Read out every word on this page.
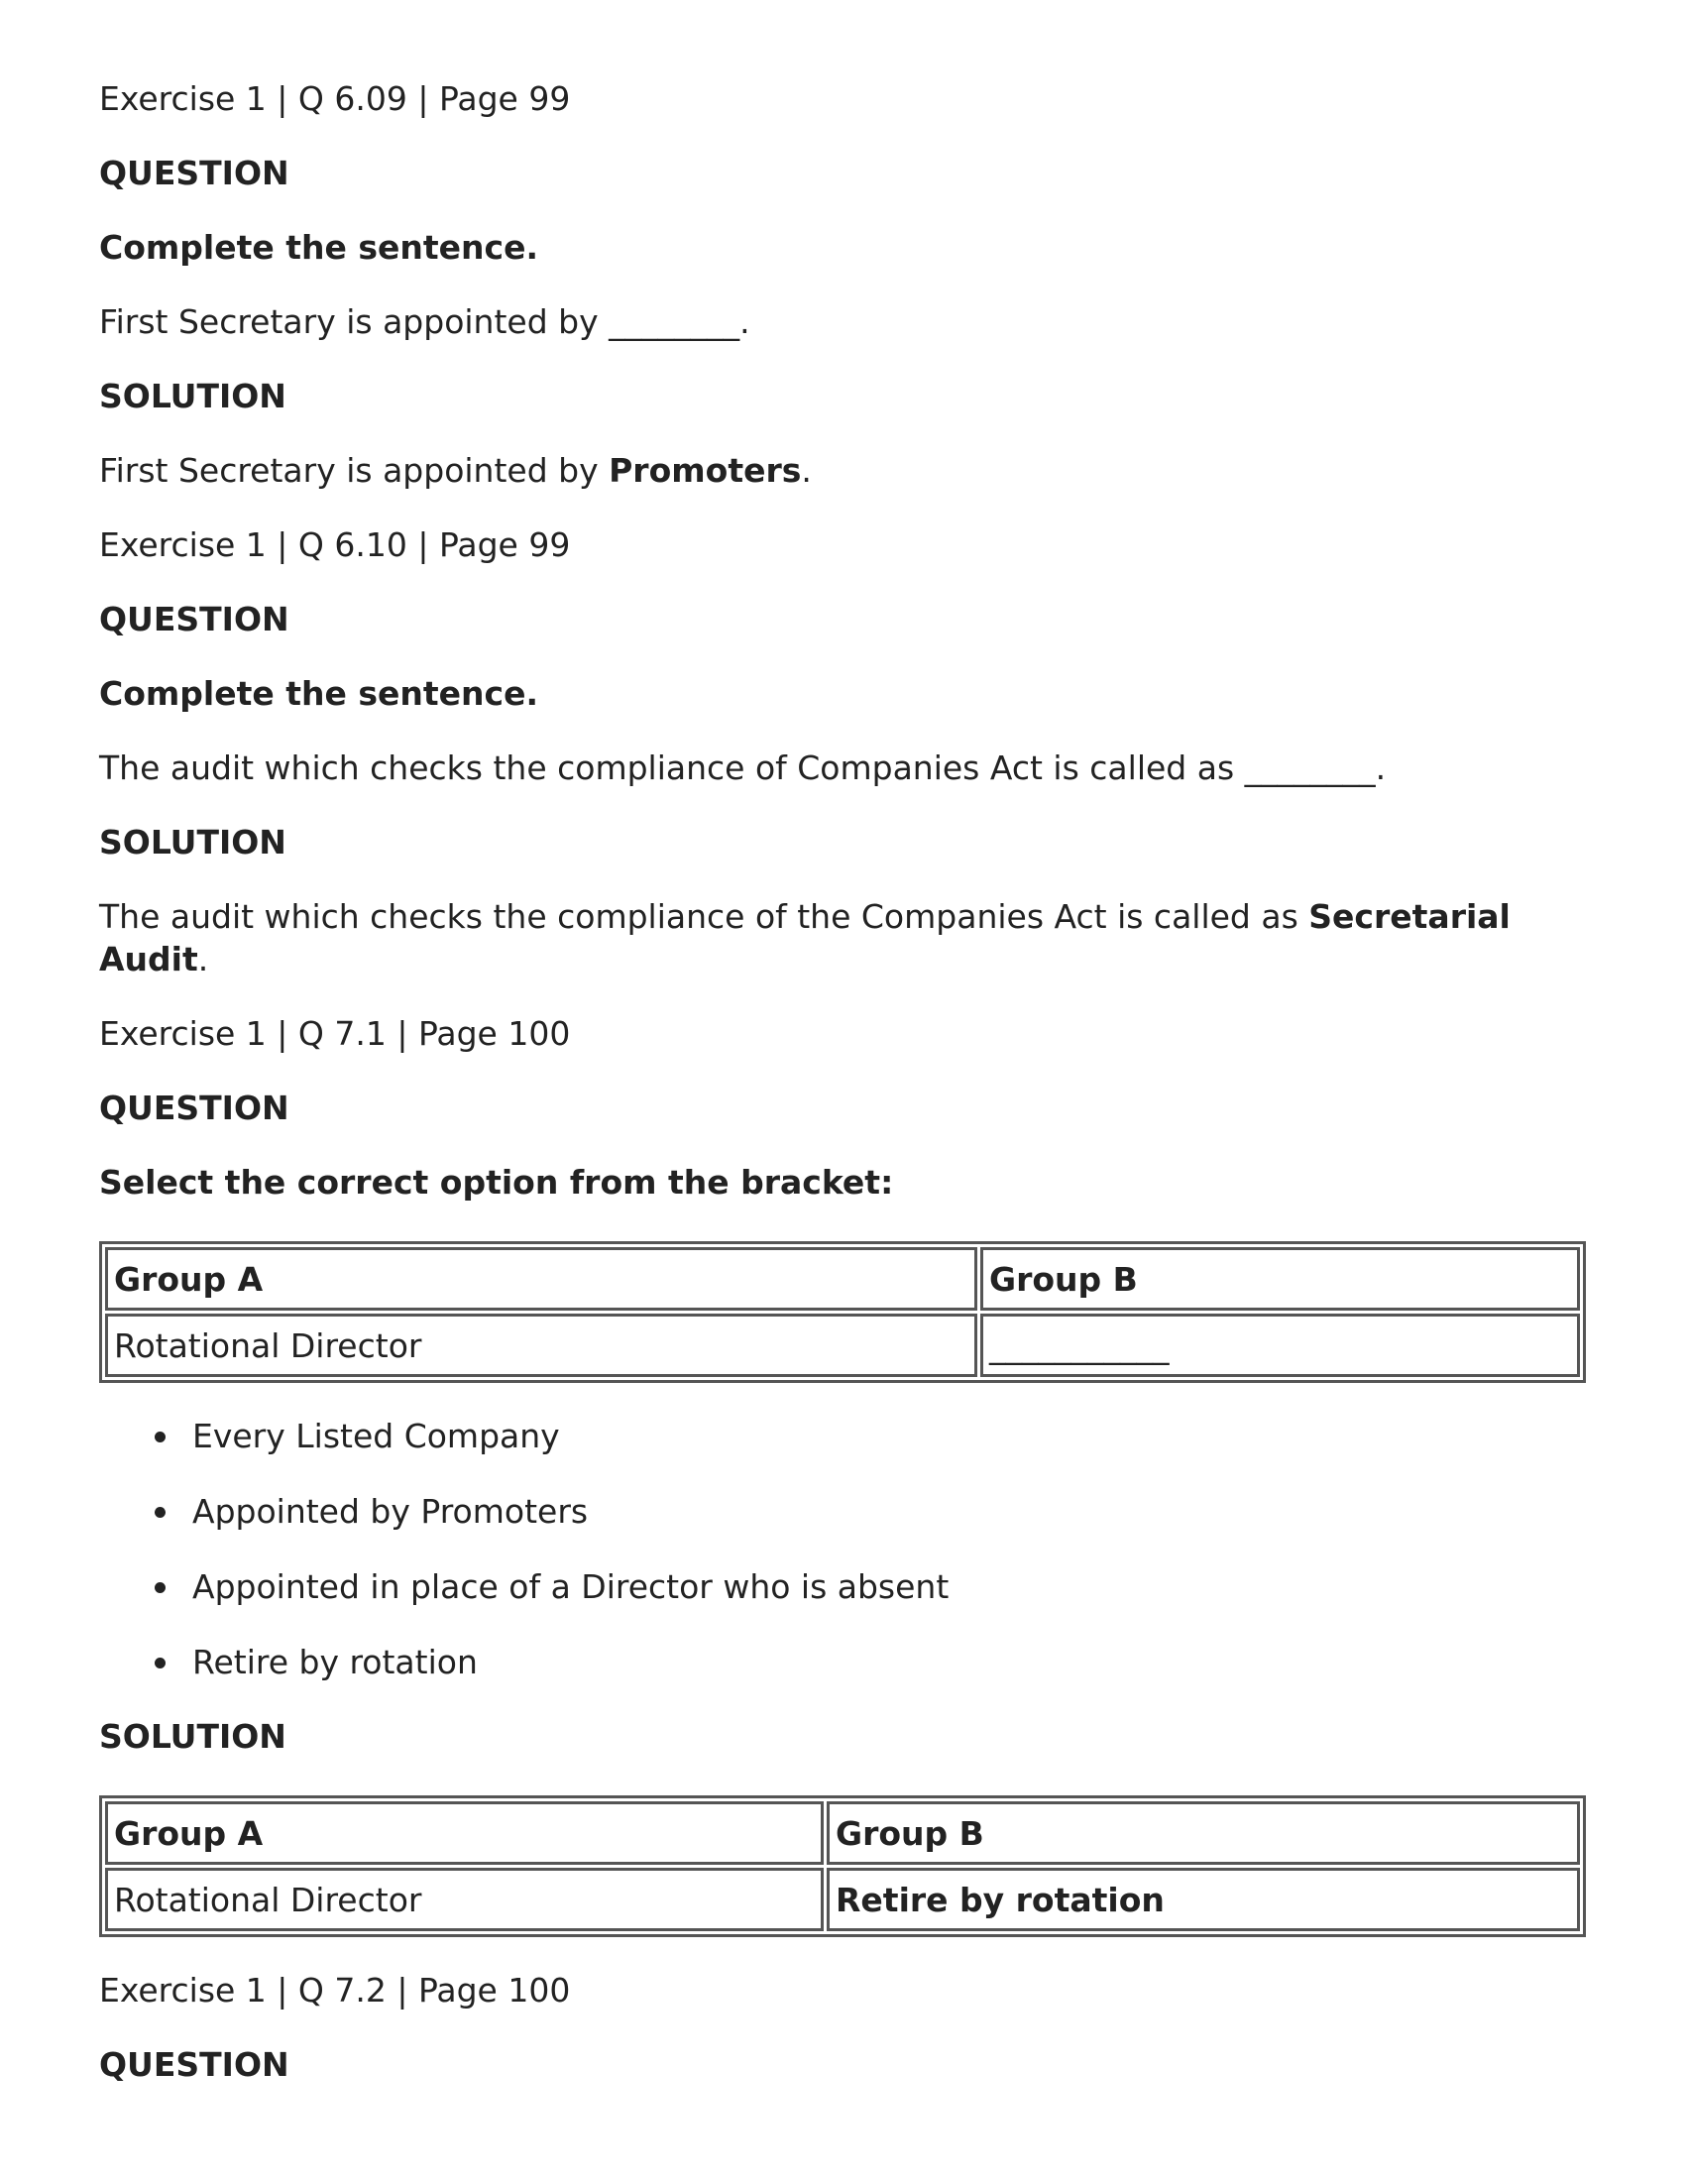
Exercise 1 | Q 6.09 | Page 99

QUESTION

Complete the sentence.

First Secretary is appointed by ________.

SOLUTION

First Secretary is appointed by Promoters.

Exercise 1 | Q 6.10 | Page 99

QUESTION

Complete the sentence.

The audit which checks the compliance of Companies Act is called as ________.

SOLUTION

The audit which checks the compliance of the Companies Act is called as Secretarial Audit.

Exercise 1 | Q 7.1 | Page 100

QUESTION

Select the correct option from the bracket:

Group A	Group B
Rotational Director	___________
Every Listed Company
Appointed by Promoters
Appointed in place of a Director who is absent
Retire by rotation

SOLUTION

Group A	Group B
Rotational Director	Retire by rotation

Exercise 1 | Q 7.2 | Page 100

QUESTION
